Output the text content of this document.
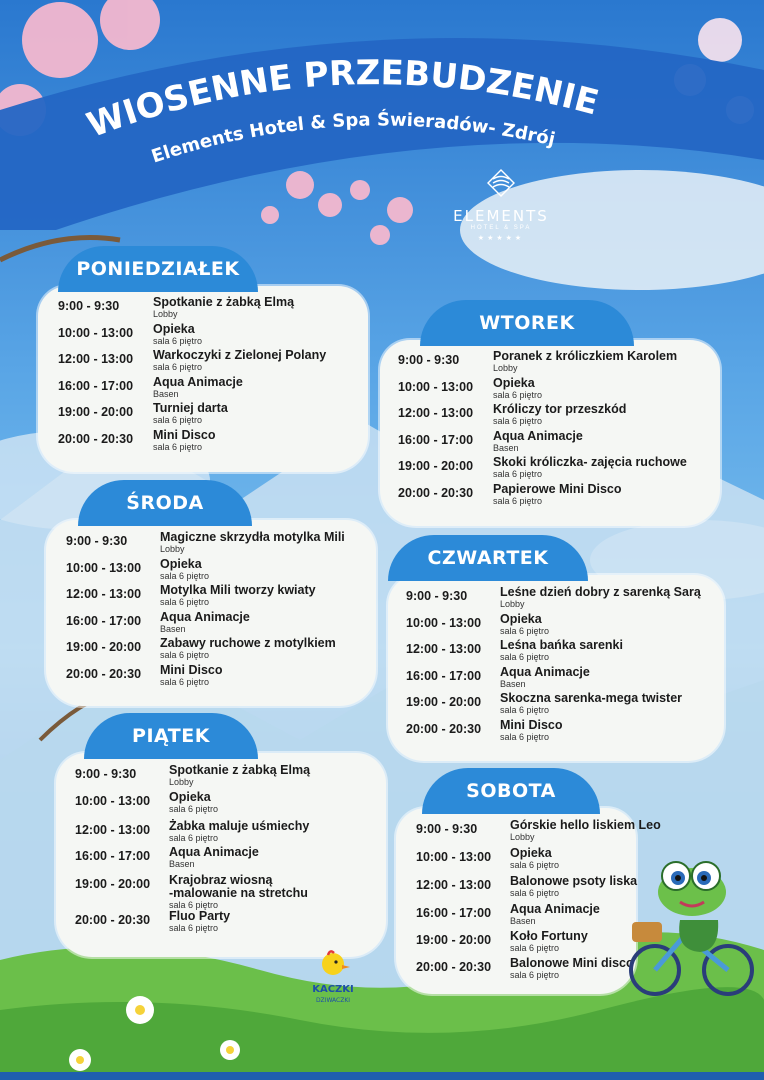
WIOSENNE PRZEBUDZENIE
Elements Hotel & Spa Świeradów- Zdrój
ELEMENTS
HOTEL & SPA
★★★★★
PONIEDZIAŁEK
9:00 - 9:30	Spotkanie z żabką Elmą
Lobby
10:00 - 13:00 Opieka
sala 6 piętro
12:00 - 13:00 Warkoczyki z Zielonej Polany
sala 6 piętro
16:00 - 17:00 Aqua Animacje
Basen
19:00 - 20:00 Turniej darta
sala 6 piętro
20:00 - 20:30 Mini Disco
sala 6 piętro
WTOREK
9:00 - 9:30	Poranek z króliczkiem Karolem
Lobby
10:00 - 13:00 Opieka
sala 6 piętro
12:00 - 13:00 Króliczy tor przeszkód
sala 6 piętro
16:00 - 17:00 Aqua Animacje
Basen
19:00 - 20:00 Skoki króliczka- zajęcia ruchowe
sala 6 piętro
20:00 - 20:30 Papierowe Mini Disco
sala 6 piętro
ŚRODA
9:00 - 9:30	Magiczne skrzydła motylka Mili
Lobby
10:00 - 13:00 Opieka
sala 6 piętro
12:00 - 13:00 Motylka Mili tworzy kwiaty
sala 6 piętro
16:00 - 17:00 Aqua Animacje
Basen
19:00 - 20:00 Zabawy ruchowe z motylkiem
sala 6 piętro
20:00 - 20:30 Mini Disco
sala 6 piętro
CZWARTEK
9:00 - 9:30	Leśne dzień dobry z sarenką Sarą
Lobby
10:00 - 13:00 Opieka
sala 6 piętro
12:00 - 13:00 Leśna bańka sarenki
sala 6 piętro
16:00 - 17:00 Aqua Animacje
Basen
19:00 - 20:00 Skoczna sarenka-mega twister
sala 6 piętro
20:00 - 20:30 Mini Disco
sala 6 piętro
PIĄTEK
9:00 - 9:30	Spotkanie z żabką Elmą
Lobby
10:00 - 13:00 Opieka
sala 6 piętro
12:00 - 13:00 Żabka maluje uśmiechy
sala 6 piętro
16:00 - 17:00 Aqua Animacje
Basen
19:00 - 20:00 Krajobraz wiosną
-malowanie na stretchu
sala 6 piętro
20:00 - 20:30 Fluo Party
sala 6 piętro
SOBOTA
9:00 - 9:30	Górskie hello liskiem Leo
Lobby
10:00 - 13:00 Opieka
sala 6 piętro
12:00 - 13:00 Balonowe psoty liska
sala 6 piętro
16:00 - 17:00 Aqua Animacje
Basen
19:00 - 20:00 Koło Fortuny
sala 6 piętro
20:00 - 20:30 Balonowe Mini disco
sala 6 piętro
KACZKI
DZIWACZKI
